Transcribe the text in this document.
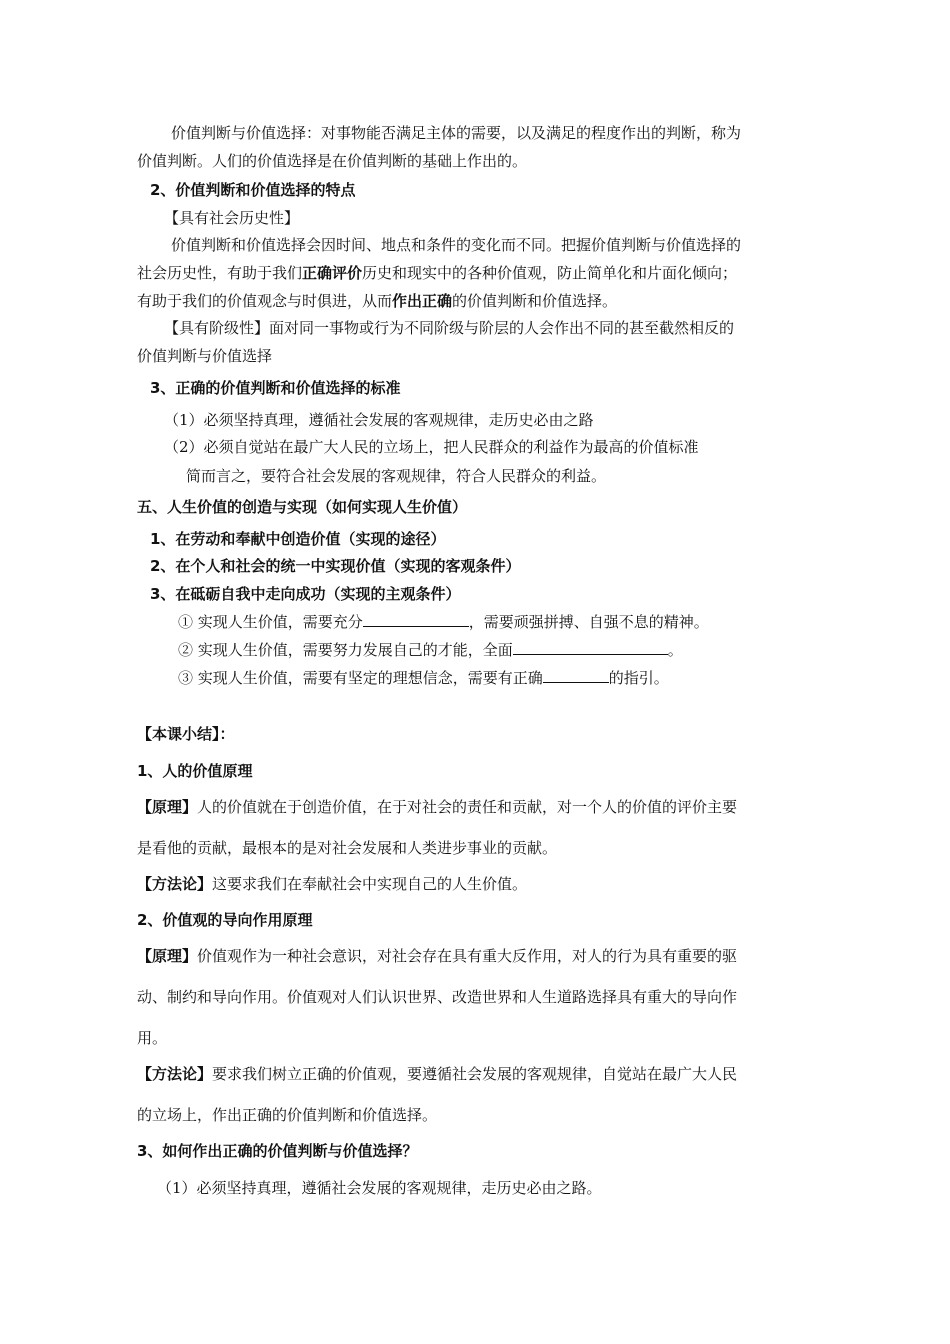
价值判断与价值选择：对事物能否满足主体的需要，以及满足的程度作出的判断，称为
价值判断。人们的价值选择是在价值判断的基础上作出的。
2、价值判断和价值选择的特点
【具有社会历史性】
价值判断和价值选择会因时间、地点和条件的变化而不同。把握价值判断与价值选择的
社会历史性，有助于我们正确评价历史和现实中的各种价值观，防止简单化和片面化倾向；
有助于我们的价值观念与时俱进，从而作出正确的价值判断和价值选择。
【具有阶级性】面对同一事物或行为不同阶级与阶层的人会作出不同的甚至截然相反的
价值判断与价值选择
3、正确的价值判断和价值选择的标准
（1）必须坚持真理，遵循社会发展的客观规律，走历史必由之路
（2）必须自觉站在最广大人民的立场上，把人民群众的利益作为最高的价值标准
简而言之，要符合社会发展的客观规律，符合人民群众的利益。
五、人生价值的创造与实现（如何实现人生价值）
1、在劳动和奉献中创造价值（实现的途径）
2、在个人和社会的统一中实现价值（实现的客观条件）
3、在砥砺自我中走向成功（实现的主观条件）
① 实现人生价值，需要充分	，需要顽强拼搏、自强不息的精神。
② 实现人生价值，需要努力发展自己的才能，全面	。
③ 实现人生价值，需要有坚定的理想信念，需要有正确	的指引。
【本课小结】：
1、人的价值原理
【原理】人的价值就在于创造价值，在于对社会的责任和贡献，对一个人的价值的评价主要
是看他的贡献，最根本的是对社会发展和人类进步事业的贡献。
【方法论】这要求我们在奉献社会中实现自己的人生价值。
2、价值观的导向作用原理
【原理】价值观作为一种社会意识，对社会存在具有重大反作用，对人的行为具有重要的驱
动、制约和导向作用。价值观对人们认识世界、改造世界和人生道路选择具有重大的导向作
用。
【方法论】要求我们树立正确的价值观，要遵循社会发展的客观规律，自觉站在最广大人民
的立场上，作出正确的价值判断和价值选择。
3、如何作出正确的价值判断与价值选择？
（1）必须坚持真理，遵循社会发展的客观规律，走历史必由之路。
